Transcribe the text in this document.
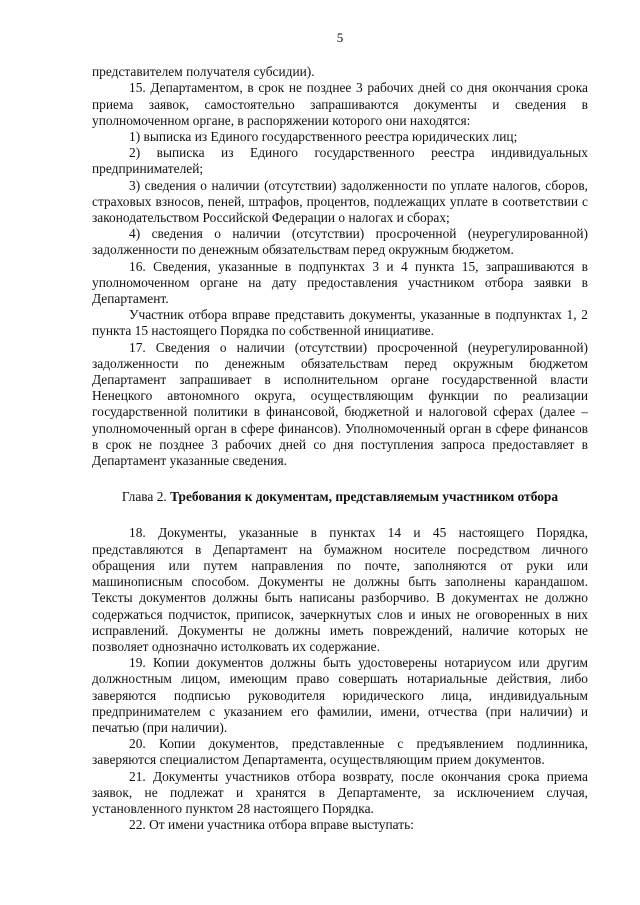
5

представителем получателя субсидии).

15. Департаментом, в срок не позднее 3 рабочих дней со дня окончания срока приема заявок, самостоятельно запрашиваются документы и сведения в уполномоченном органе, в распоряжении которого они находятся:

1) выписка из Единого государственного реестра юридических лиц;

2) выписка из Единого государственного реестра индивидуальных предпринимателей;

3) сведения о наличии (отсутствии) задолженности по уплате налогов, сборов, страховых взносов, пеней, штрафов, процентов, подлежащих уплате в соответствии с законодательством Российской Федерации о налогах и сборах;

4) сведения о наличии (отсутствии) просроченной (неурегулированной) задолженности по денежным обязательствам перед окружным бюджетом.

16. Сведения, указанные в подпунктах 3 и 4 пункта 15, запрашиваются в уполномоченном органе на дату предоставления участником отбора заявки в Департамент.

Участник отбора вправе представить документы, указанные в подпунктах 1, 2 пункта 15 настоящего Порядка по собственной инициативе.

17. Сведения о наличии (отсутствии) просроченной (неурегулированной) задолженности по денежным обязательствам перед окружным бюджетом Департамент запрашивает в исполнительном органе государственной власти Ненецкого автономного округа, осуществляющим функции по реализации государственной политики в финансовой, бюджетной и налоговой сферах (далее – уполномоченный орган в сфере финансов). Уполномоченный орган в сфере финансов в срок не позднее 3 рабочих дней со дня поступления запроса предоставляет в Департамент указанные сведения.

Глава 2. Требования к документам, представляемым участником отбора

18. Документы, указанные в пунктах 14 и 45 настоящего Порядка, представляются в Департамент на бумажном носителе посредством личного обращения или путем направления по почте, заполняются от руки или машинописным способом. Документы не должны быть заполнены карандашом. Тексты документов должны быть написаны разборчиво. В документах не должно содержаться подчисток, приписок, зачеркнутых слов и иных не оговоренных в них исправлений. Документы не должны иметь повреждений, наличие которых не позволяет однозначно истолковать их содержание.

19. Копии документов должны быть удостоверены нотариусом или другим должностным лицом, имеющим право совершать нотариальные действия, либо заверяются подписью руководителя юридического лица, индивидуальным предпринимателем с указанием его фамилии, имени, отчества (при наличии) и печатью (при наличии).

20. Копии документов, представленные с предъявлением подлинника, заверяются специалистом Департамента, осуществляющим прием документов.

21. Документы участников отбора возврату, после окончания срока приема заявок, не подлежат и хранятся в Департаменте, за исключением случая, установленного пунктом 28 настоящего Порядка.

22. От имени участника отбора вправе выступать:
